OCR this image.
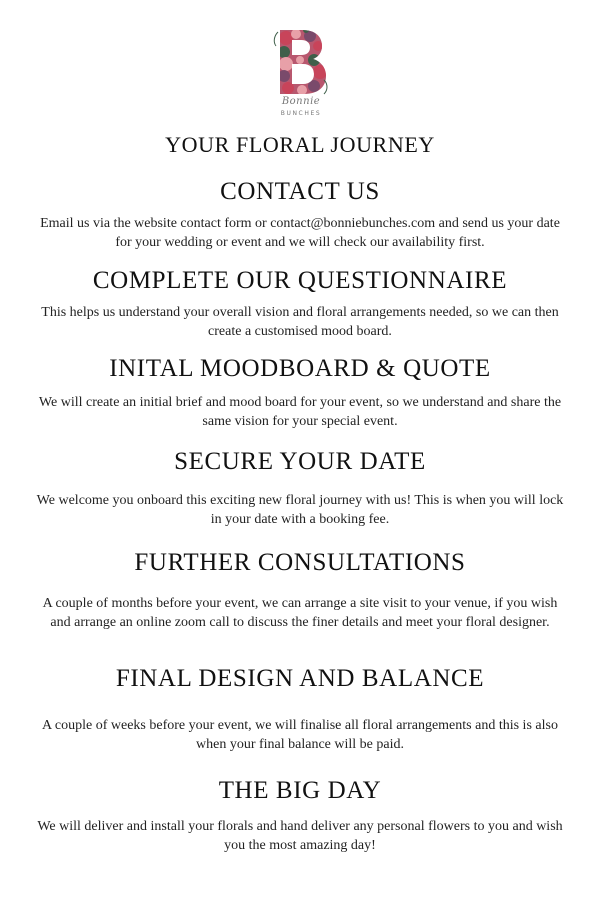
Bonnie
BUNCHES
YOUR FLORAL JOURNEY
CONTACT US
Email us via the website contact form or contact@bonniebunches.com and send us your date for your wedding or event and we will check our availability first.
COMPLETE OUR QUESTIONNAIRE
This helps us understand your overall vision and floral arrangements needed, so we can then create a customised mood board.
INITAL MOODBOARD & QUOTE
We will create an initial brief and mood board for your event, so we understand and share the same vision for your special event.
SECURE YOUR DATE
We welcome you onboard this exciting new floral journey with us! This is when you will lock in your date with a booking fee.
FURTHER CONSULTATIONS
A couple of months before your event, we can arrange a site visit to your venue, if you wish and arrange an online zoom call to discuss the finer details and meet your floral designer.
FINAL DESIGN AND BALANCE
A couple of weeks before your event, we will finalise all floral arrangements and this is also when your final balance will be paid.
THE BIG DAY
We will deliver and install your florals and hand deliver any personal flowers to you and wish you the most amazing day!
